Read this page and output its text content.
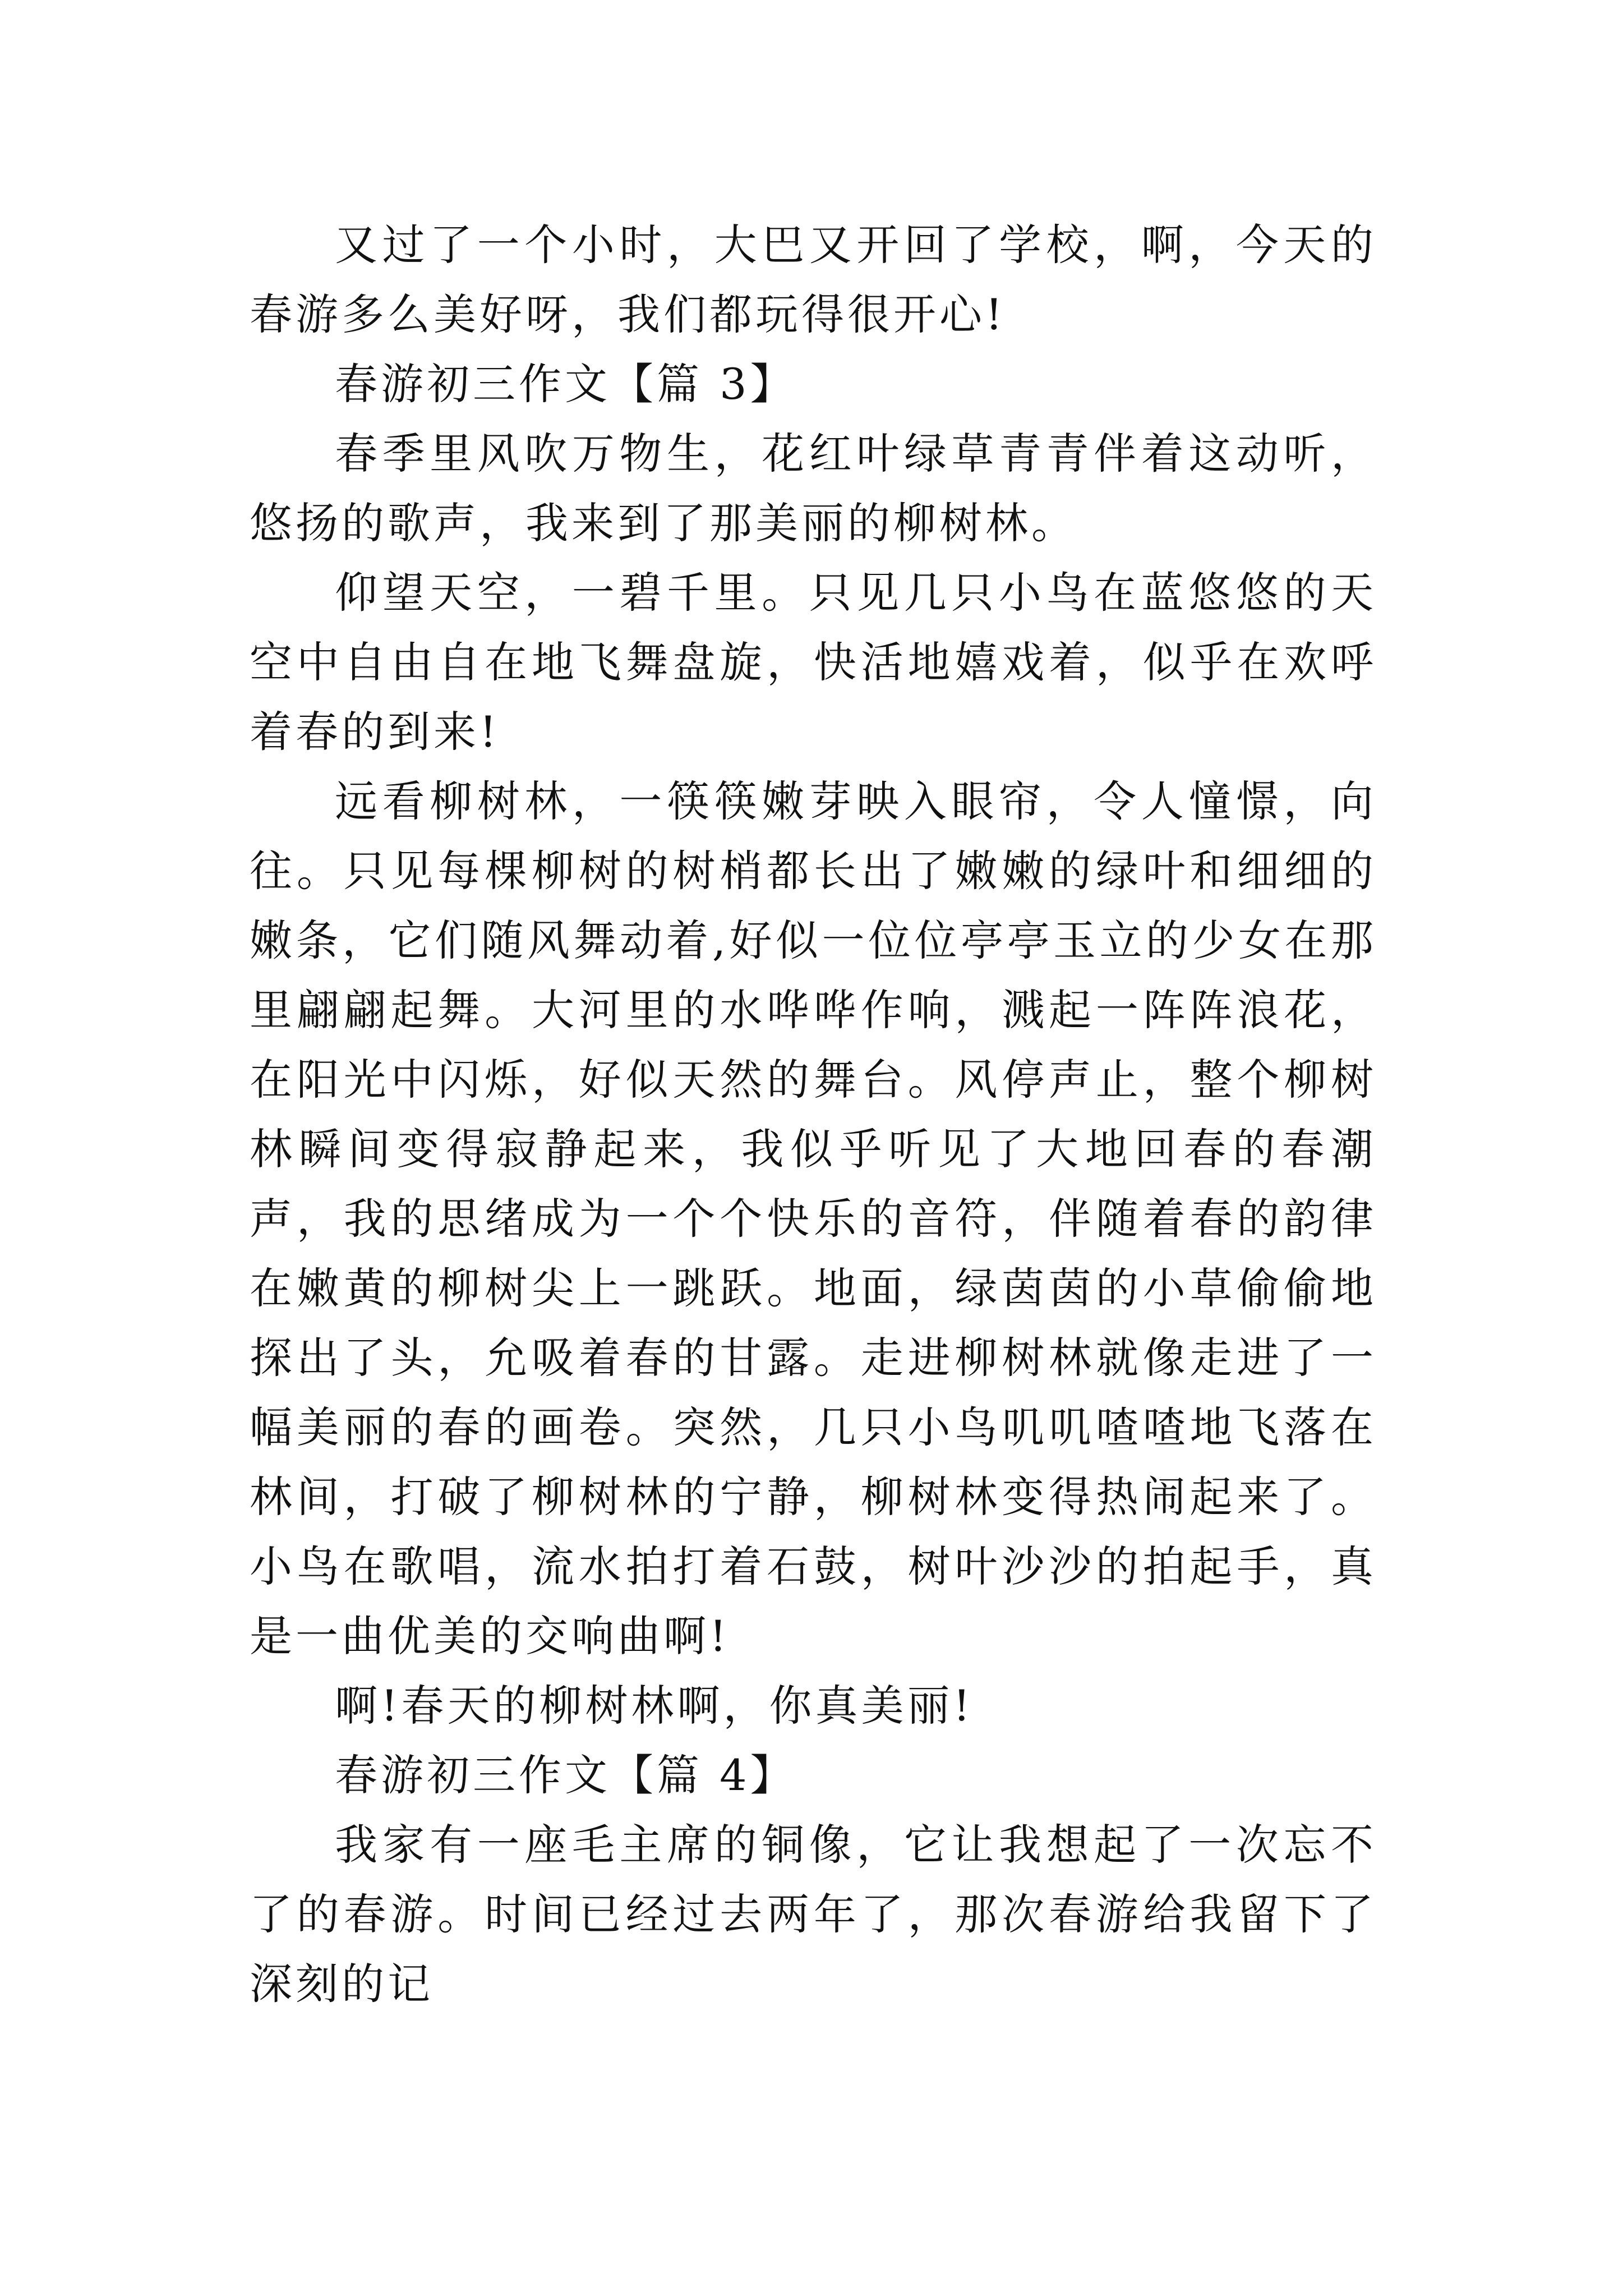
又过了一个小时，大巴又开回了学校，啊，今天的春游多么美好呀，我们都玩得很开心!

春游初三作文【篇 3】

春季里风吹万物生，花红叶绿草青青伴着这动听，悠扬的歌声，我来到了那美丽的柳树林。

仰望天空，一碧千里。只见几只小鸟在蓝悠悠的天空中自由自在地飞舞盘旋，快活地嬉戏着，似乎在欢呼着春的到来!

远看柳树林，一筷筷嫩芽映入眼帘，令人憧憬，向往。只见每棵柳树的树梢都长出了嫩嫩的绿叶和细细的嫩条，它们随风舞动着,好似一位位亭亭玉立的少女在那里翩翩起舞。大河里的水哗哗作响，溅起一阵阵浪花，在阳光中闪烁，好似天然的舞台。风停声止，整个柳树林瞬间变得寂静起来，我似乎听见了大地回春的春潮声，我的思绪成为一个个快乐的音符，伴随着春的韵律在嫩黄的柳树尖上一跳跃。地面，绿茵茵的小草偷偷地探出了头，允吸着春的甘露。走进柳树林就像走进了一幅美丽的春的画卷。突然，几只小鸟叽叽喳喳地飞落在林间，打破了柳树林的宁静，柳树林变得热闹起来了。小鸟在歌唱，流水拍打着石鼓，树叶沙沙的拍起手，真是一曲优美的交响曲啊!

啊!春天的柳树林啊，你真美丽!

春游初三作文【篇 4】

我家有一座毛主席的铜像，它让我想起了一次忘不了的春游。时间已经过去两年了，那次春游给我留下了深刻的记
